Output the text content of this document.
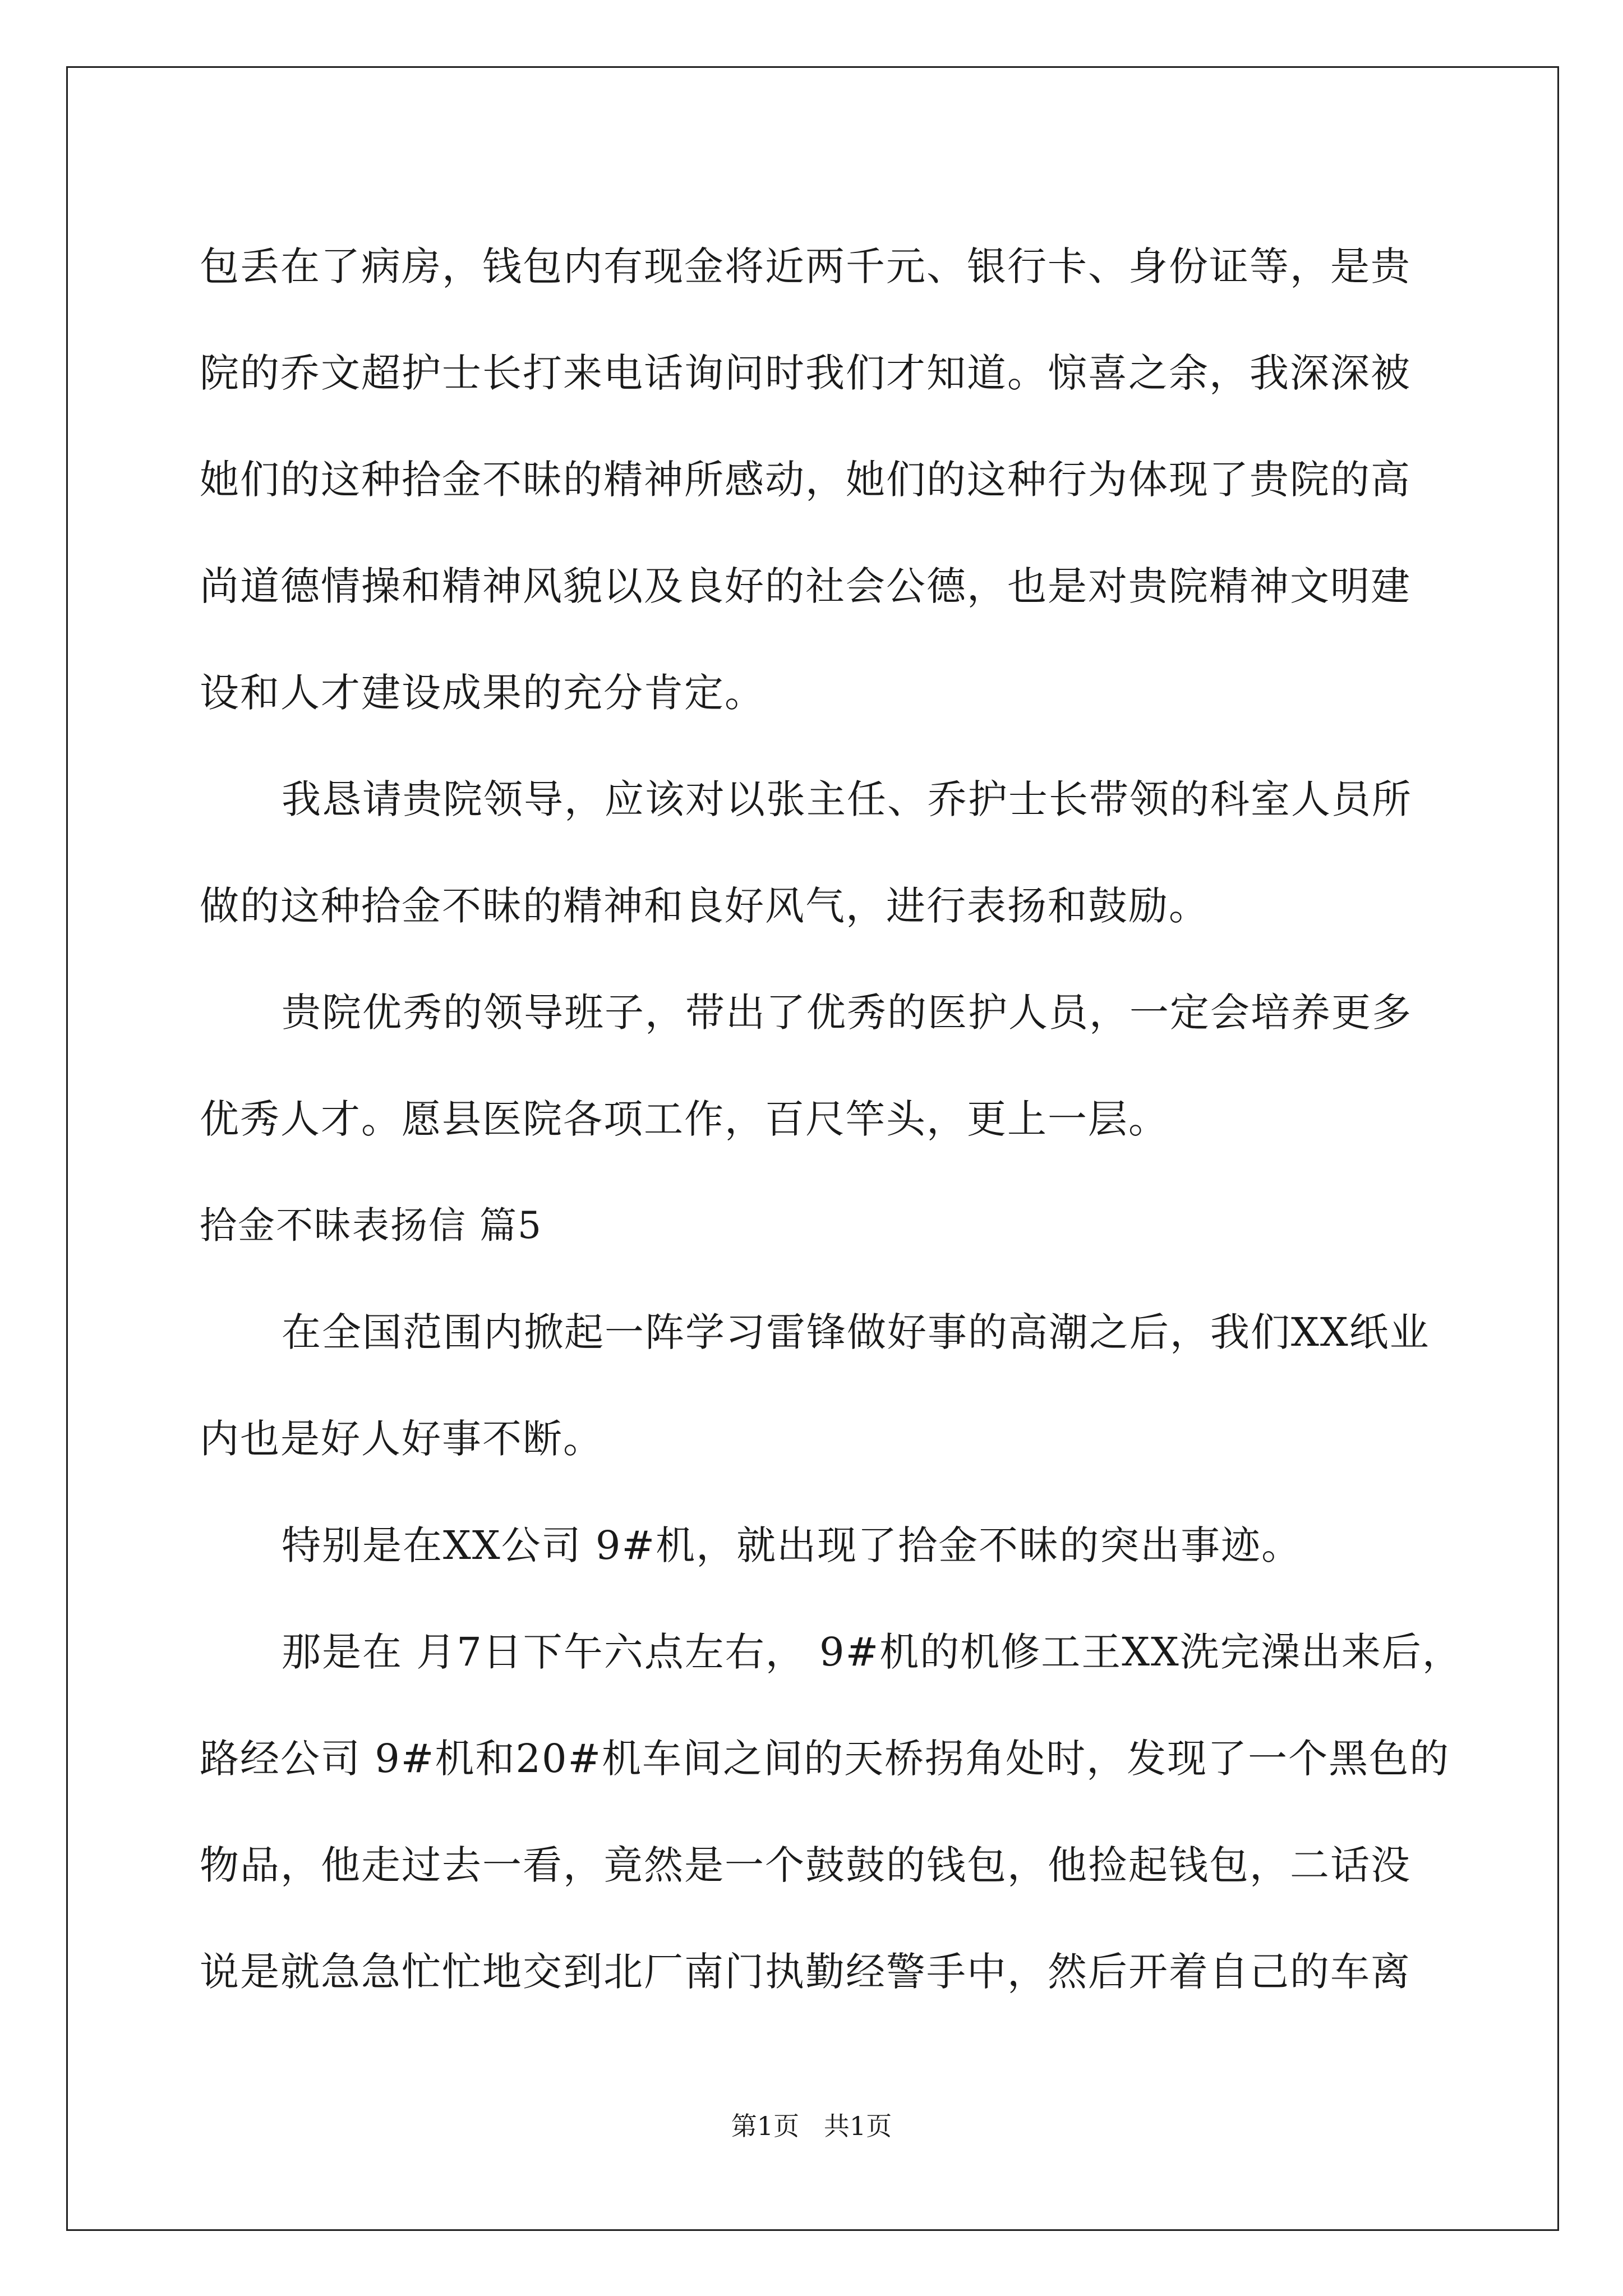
包丢在了病房，钱包内有现金将近两千元、银行卡、身份证等，是贵
院的乔文超护士长打来电话询问时我们才知道。惊喜之余，我深深被
她们的这种拾金不昧的精神所感动，她们的这种行为体现了贵院的高
尚道德情操和精神风貌以及良好的社会公德，也是对贵院精神文明建
设和人才建设成果的充分肯定。
我恳请贵院领导，应该对以张主任、乔护士长带领的科室人员所
做的这种拾金不昧的精神和良好风气，进行表扬和鼓励。
贵院优秀的领导班子，带出了优秀的医护人员，一定会培养更多
优秀人才。愿县医院各项工作，百尺竿头，更上一层。
拾金不昧表扬信 篇5
在全国范围内掀起一阵学习雷锋做好事的高潮之后，我们XX纸业
内也是好人好事不断。
特别是在XX公司 9#机，就出现了拾金不昧的突出事迹。
那是在 月7日下午六点左右， 9#机的机修工王XX洗完澡出来后，
路经公司 9#机和20#机车间之间的天桥拐角处时，发现了一个黑色的
物品，他走过去一看，竟然是一个鼓鼓的钱包，他捡起钱包，二话没
说是就急急忙忙地交到北厂南门执勤经警手中，然后开着自己的车离
第1页   共1页
